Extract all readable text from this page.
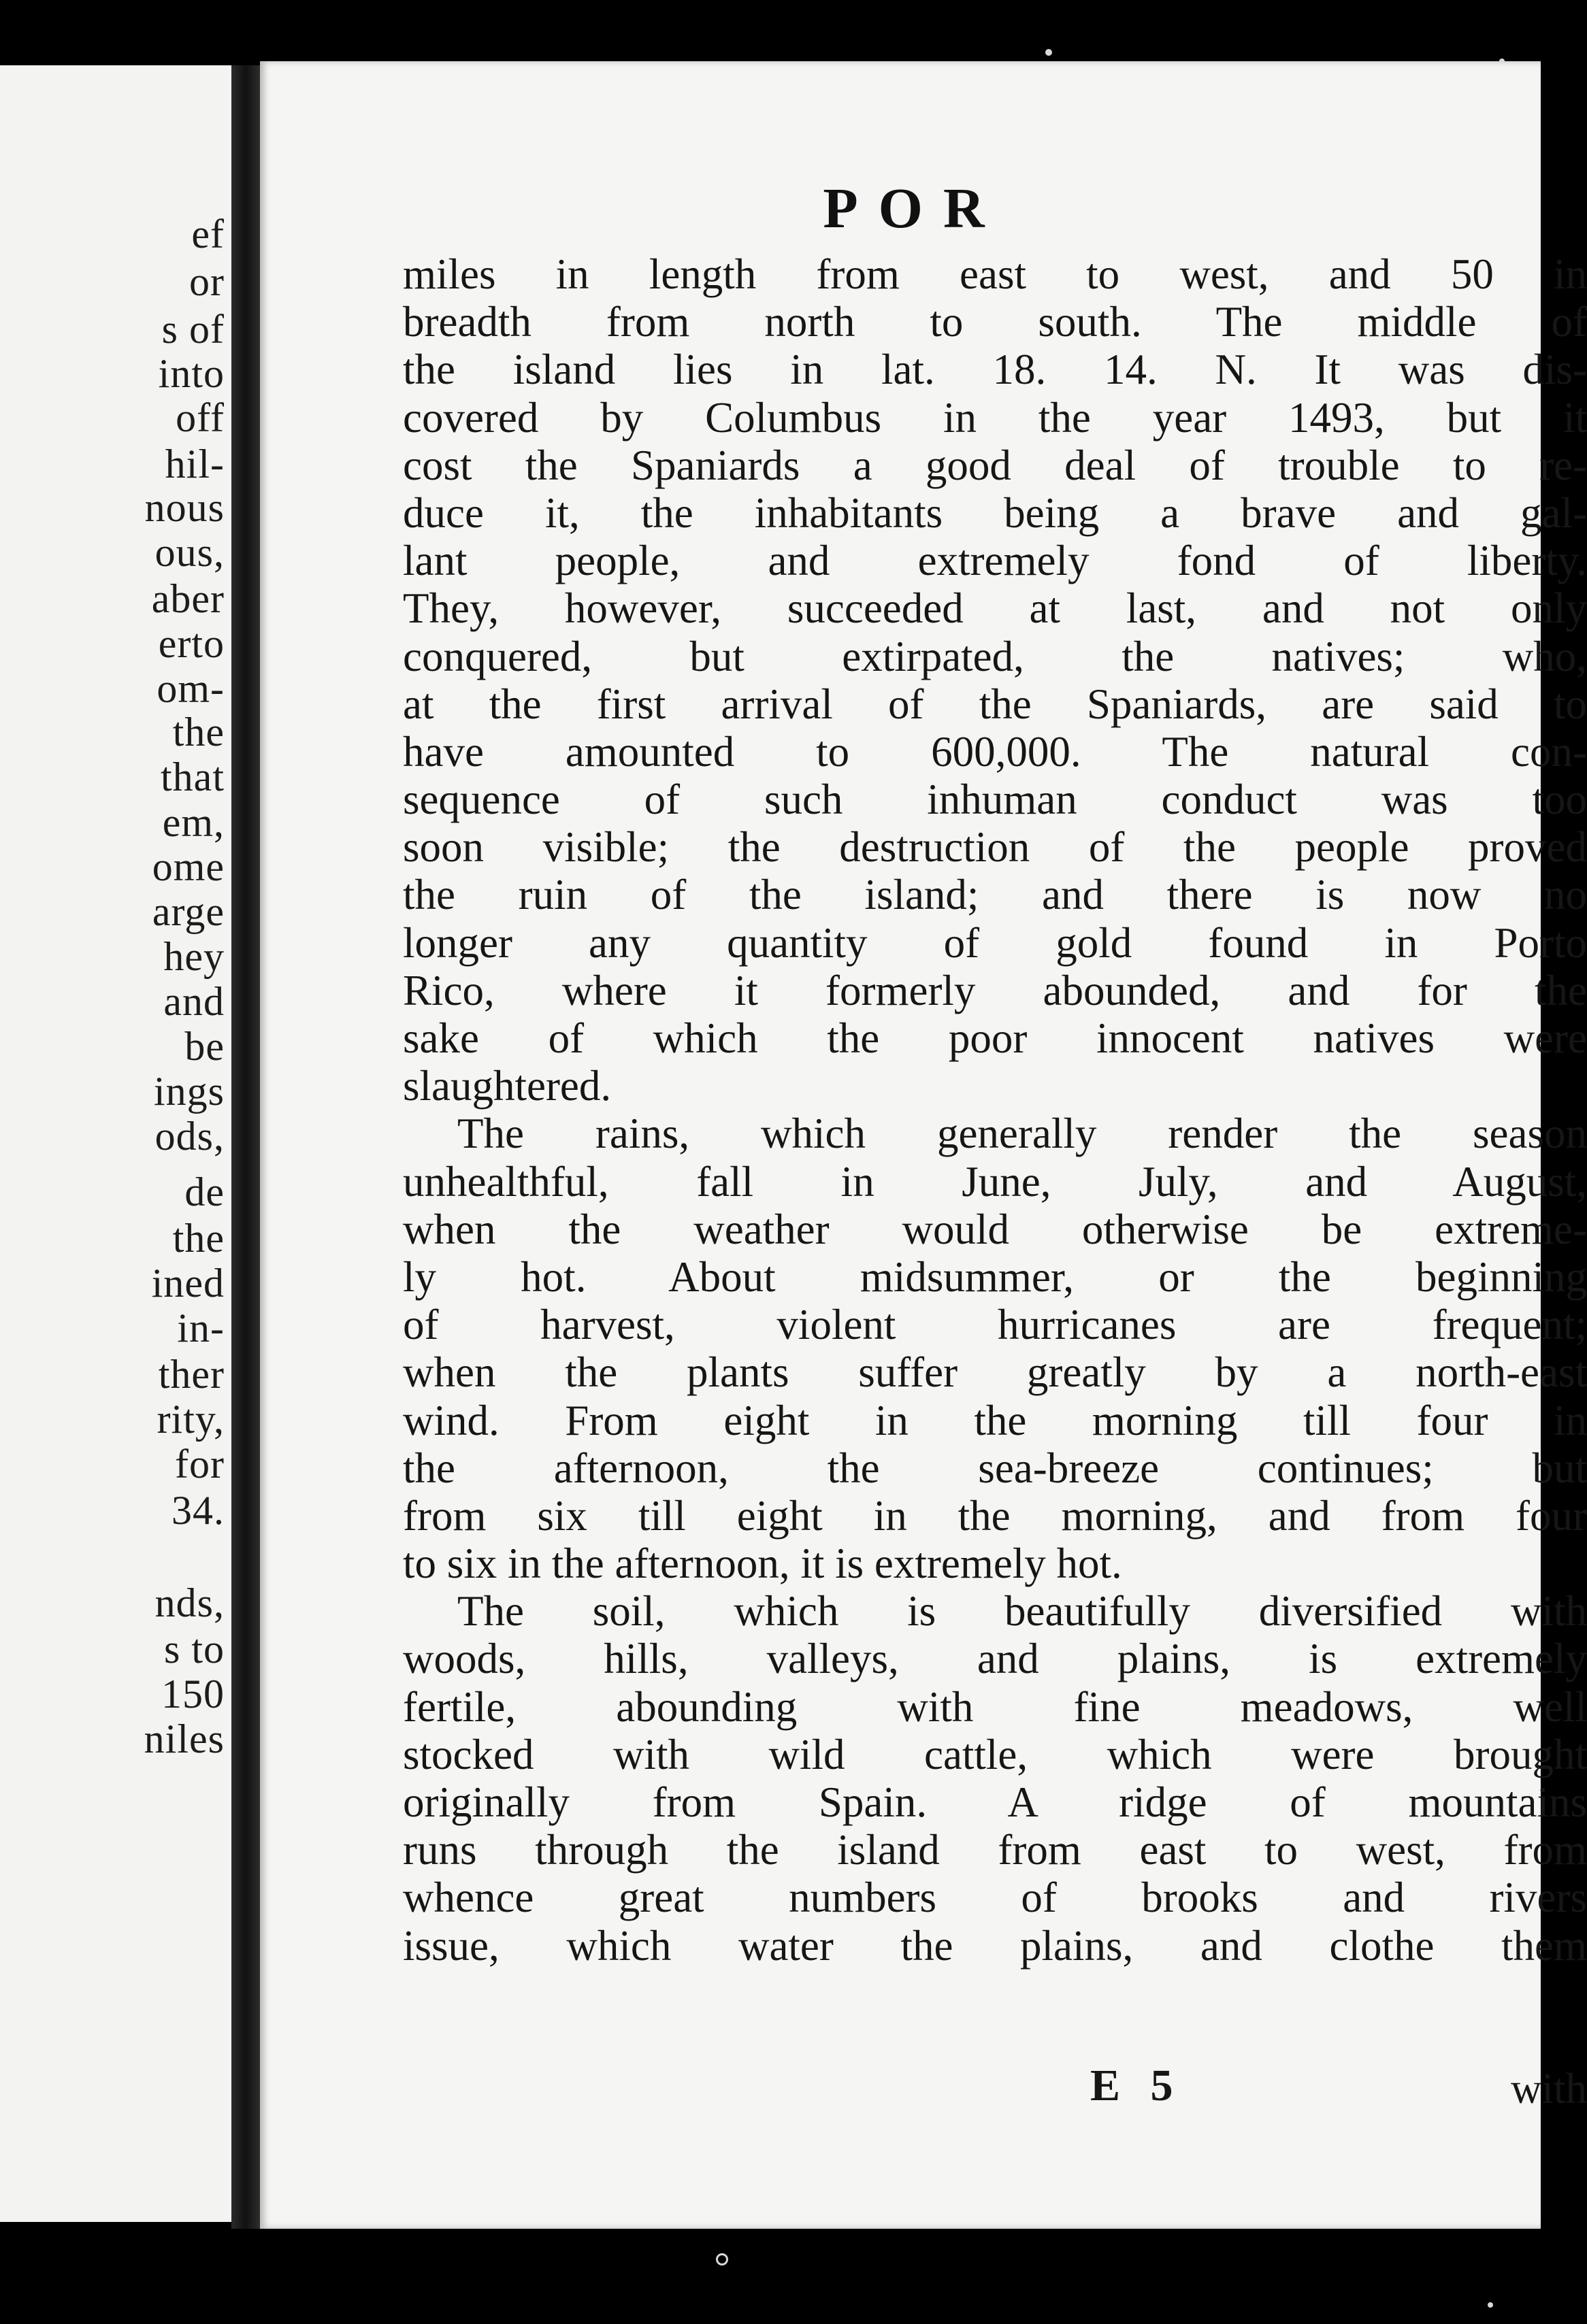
ef
or
s of
into
off
hil-
nous
ous,
aber
erto
om-
the
that
em,
ome
arge
hey
and
be
ings
ods,
de
the
ined
in-
ther
rity,
for
34.
nds,
s to
150
niles
POR
miles in length from east to west, and 50 in
breadth from north to south. The middle of
the island lies in lat. 18. 14. N. It was dis-
covered by Columbus in the year 1493, but it
cost the Spaniards a good deal of trouble to re-
duce it, the inhabitants being a brave and gal-
lant people, and extremely fond of liberty.
They, however, succeeded at last, and not only
conquered, but extirpated, the natives; who,
at the first arrival of the Spaniards, are said to
have amounted to 600,000. The natural con-
sequence of such inhuman conduct was too
soon visible; the destruction of the people proved
the ruin of the island; and there is now no
longer any quantity of gold found in Porto
Rico, where it formerly abounded, and for the
sake of which the poor innocent natives were
slaughtered.
The rains, which generally render the season
unhealthful, fall in June, July, and August,
when the weather would otherwise be extreme-
ly hot. About midsummer, or the beginning
of harvest, violent hurricanes are frequent;
when the plants suffer greatly by a north-east
wind. From eight in the morning till four in
the afternoon, the sea-breeze continues; but
from six till eight in the morning, and from four
to six in the afternoon, it is extremely hot.
The soil, which is beautifully diversified with
woods, hills, valleys, and plains, is extremely
fertile, abounding with fine meadows, well
stocked with wild cattle, which were brought
originally from Spain. A ridge of mountains
runs through the island from east to west, from
whence great numbers of brooks and rivers
issue, which water the plains, and clothe them
E 5	with
